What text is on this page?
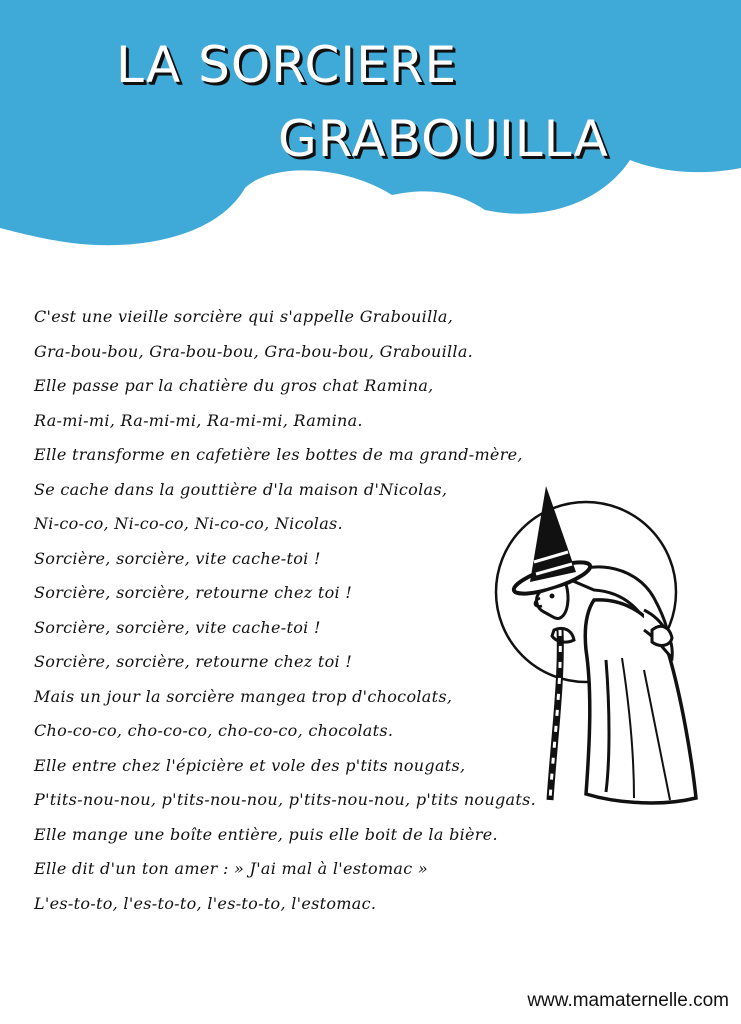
LA SORCIERE
GRABOUILLA
C'est une vieille sorcière qui s'appelle Grabouilla,
Gra-bou-bou, Gra-bou-bou, Gra-bou-bou, Grabouilla.
Elle passe par la chatière du gros chat Ramina,
Ra-mi-mi, Ra-mi-mi, Ra-mi-mi, Ramina.
Elle transforme en cafetière les bottes de ma grand-mère,
Se cache dans la gouttière d'la maison d'Nicolas,
Ni-co-co, Ni-co-co, Ni-co-co, Nicolas.
Sorcière, sorcière, vite cache-toi !
Sorcière, sorcière, retourne chez toi !
Sorcière, sorcière, vite cache-toi !
Sorcière, sorcière, retourne chez toi !
Mais un jour la sorcière mangea trop d'chocolats,
Cho-co-co, cho-co-co, cho-co-co, chocolats.
Elle entre chez l'épicière et vole des p'tits nougats,
P'tits-nou-nou, p'tits-nou-nou, p'tits-nou-nou, p'tits nougats.
Elle mange une boîte entière, puis elle boit de la bière.
Elle dit d'un ton amer : » J'ai mal à l'estomac »
L'es-to-to, l'es-to-to, l'es-to-to, l'estomac.
www.mamaternelle.com
